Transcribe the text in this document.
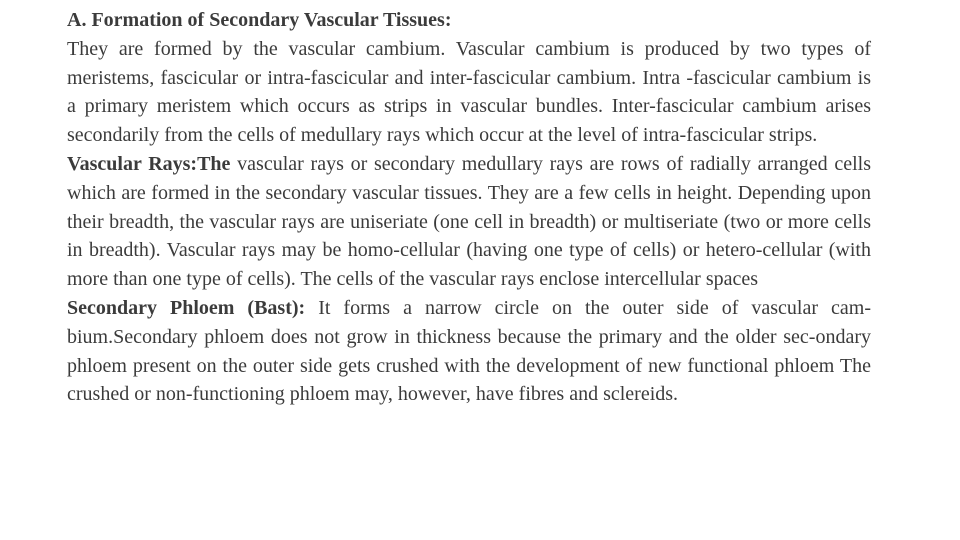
A. Formation of Secondary Vascular Tissues:
They are formed by the vascular cambium. Vascular cambium is produced by two types of meristems, fascicular or intra-fascicular and inter-fascicular cambium. Intra -fascicular cambium is a primary meristem which occurs as strips in vascular bundles. Inter-fascicular cambium arises secondarily from the cells of medullary rays which occur at the level of intra-fascicular strips.

Vascular Rays:The vascular rays or secondary medullary rays are rows of radially arranged cells which are formed in the secondary vascular tissues. They are a few cells in height. Depending upon their breadth, the vascular rays are uniseriate (one cell in breadth) or multiseriate (two or more cells in breadth). Vascular rays may be homo-cellular (having one type of cells) or hetero-cellular (with more than one type of cells). The cells of the vascular rays enclose intercellular spaces

Secondary Phloem (Bast): It forms a narrow circle on the outer side of vascular cam-bium.Secondary phloem does not grow in thickness because the primary and the older sec-ondary phloem present on the outer side gets crushed with the development of new functional phloem The crushed or non-functioning phloem may, however, have fibres and sclereids.
